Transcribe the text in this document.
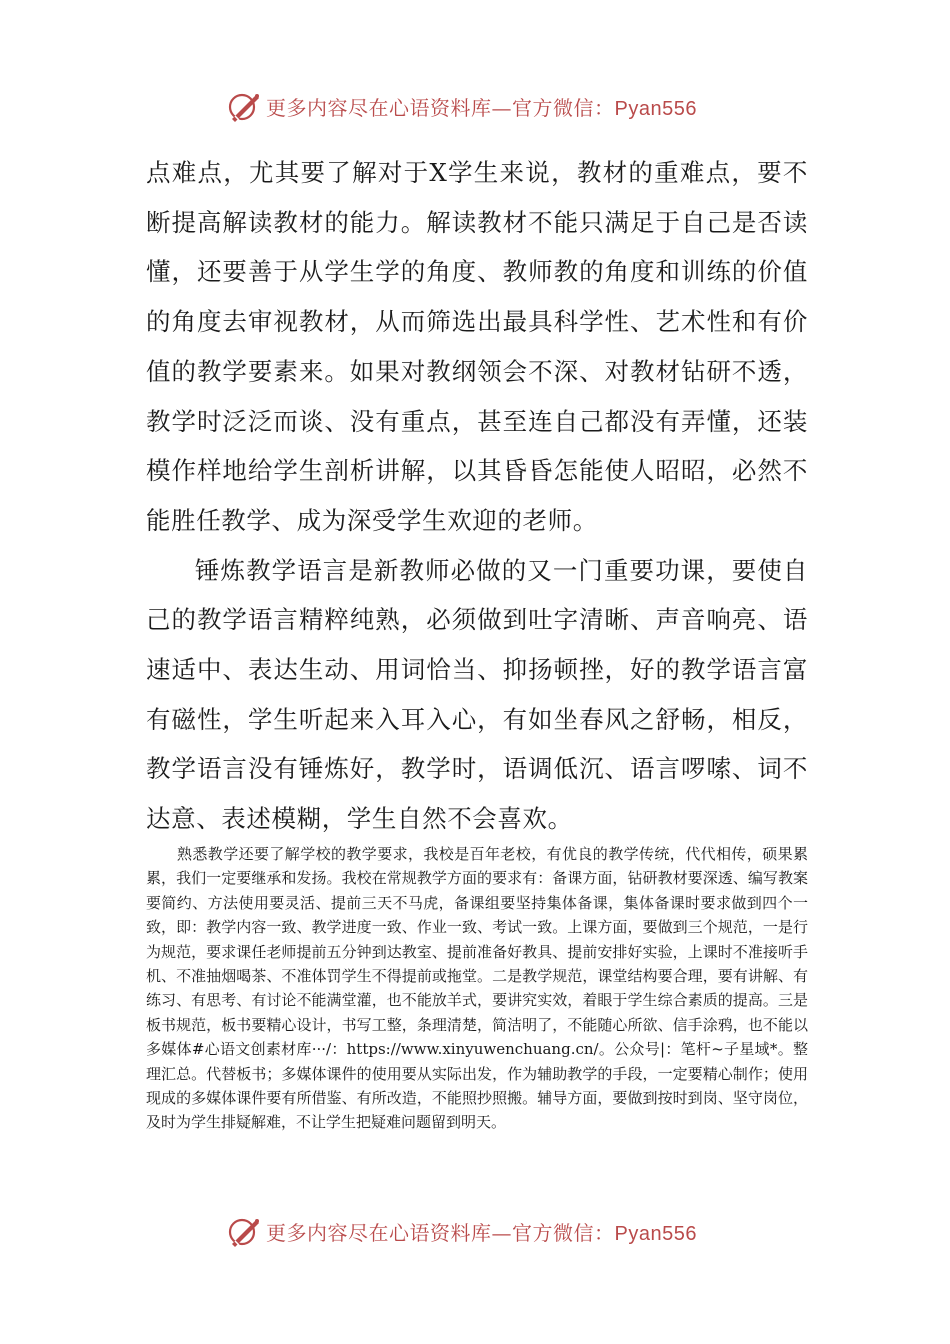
更多内容尽在心语资料库—官方微信：Pyan556

点难点，尤其要了解对于X学生来说，教材的重难点，要不断提高解读教材的能力。解读教材不能只满足于自己是否读懂，还要善于从学生学的角度、教师教的角度和训练的价值的角度去审视教材，从而筛选出最具科学性、艺术性和有价值的教学要素来。如果对教纲领会不深、对教材钻研不透，教学时泛泛而谈、没有重点，甚至连自己都没有弄懂，还装模作样地给学生剖析讲解，以其昏昏怎能使人昭昭，必然不能胜任教学、成为深受学生欢迎的老师。

锤炼教学语言是新教师必做的又一门重要功课，要使自己的教学语言精粹纯熟，必须做到吐字清晰、声音响亮、语速适中、表达生动、用词恰当、抑扬顿挫，好的教学语言富有磁性，学生听起来入耳入心，有如坐春风之舒畅，相反，教学语言没有锤炼好，教学时，语调低沉、语言啰嗦、词不达意、表述模糊，学生自然不会喜欢。

熟悉教学还要了解学校的教学要求，我校是百年老校，有优良的教学传统，代代相传，硕果累累，我们一定要继承和发扬。我校在常规教学方面的要求有：备课方面，钻研教材要深透、编写教案要简约、方法使用要灵活、提前三天不马虎，备课组要坚持集体备课，集体备课时要求做到四个一致，即：教学内容一致、教学进度一致、作业一致、考试一致。上课方面，要做到三个规范，一是行为规范，要求课任老师提前五分钟到达教室、提前准备好教具、提前安排好实验，上课时不准接听手机、不准抽烟喝茶、不准体罚学生不得提前或拖堂。二是教学规范，课堂结构要合理，要有讲解、有练习、有思考、有讨论不能满堂灌，也不能放羊式，要讲究实效，着眼于学生综合素质的提高。三是板书规范，板书要精心设计，书写工整，条理清楚，简洁明了，不能随心所欲、信手涂鸦，也不能以多媒体#心语文创素材库···/：https://www.xinyuwenchuang.cn/。公众号|：笔杆~子星域*。整理汇总。代替板书；多媒体课件的使用要从实际出发，作为辅助教学的手段，一定要精心制作；使用现成的多媒体课件要有所借鉴、有所改造，不能照抄照搬。辅导方面，要做到按时到岗、坚守岗位，及时为学生排疑解难，不让学生把疑难问题留到明天。

更多内容尽在心语资料库—官方微信：Pyan556
